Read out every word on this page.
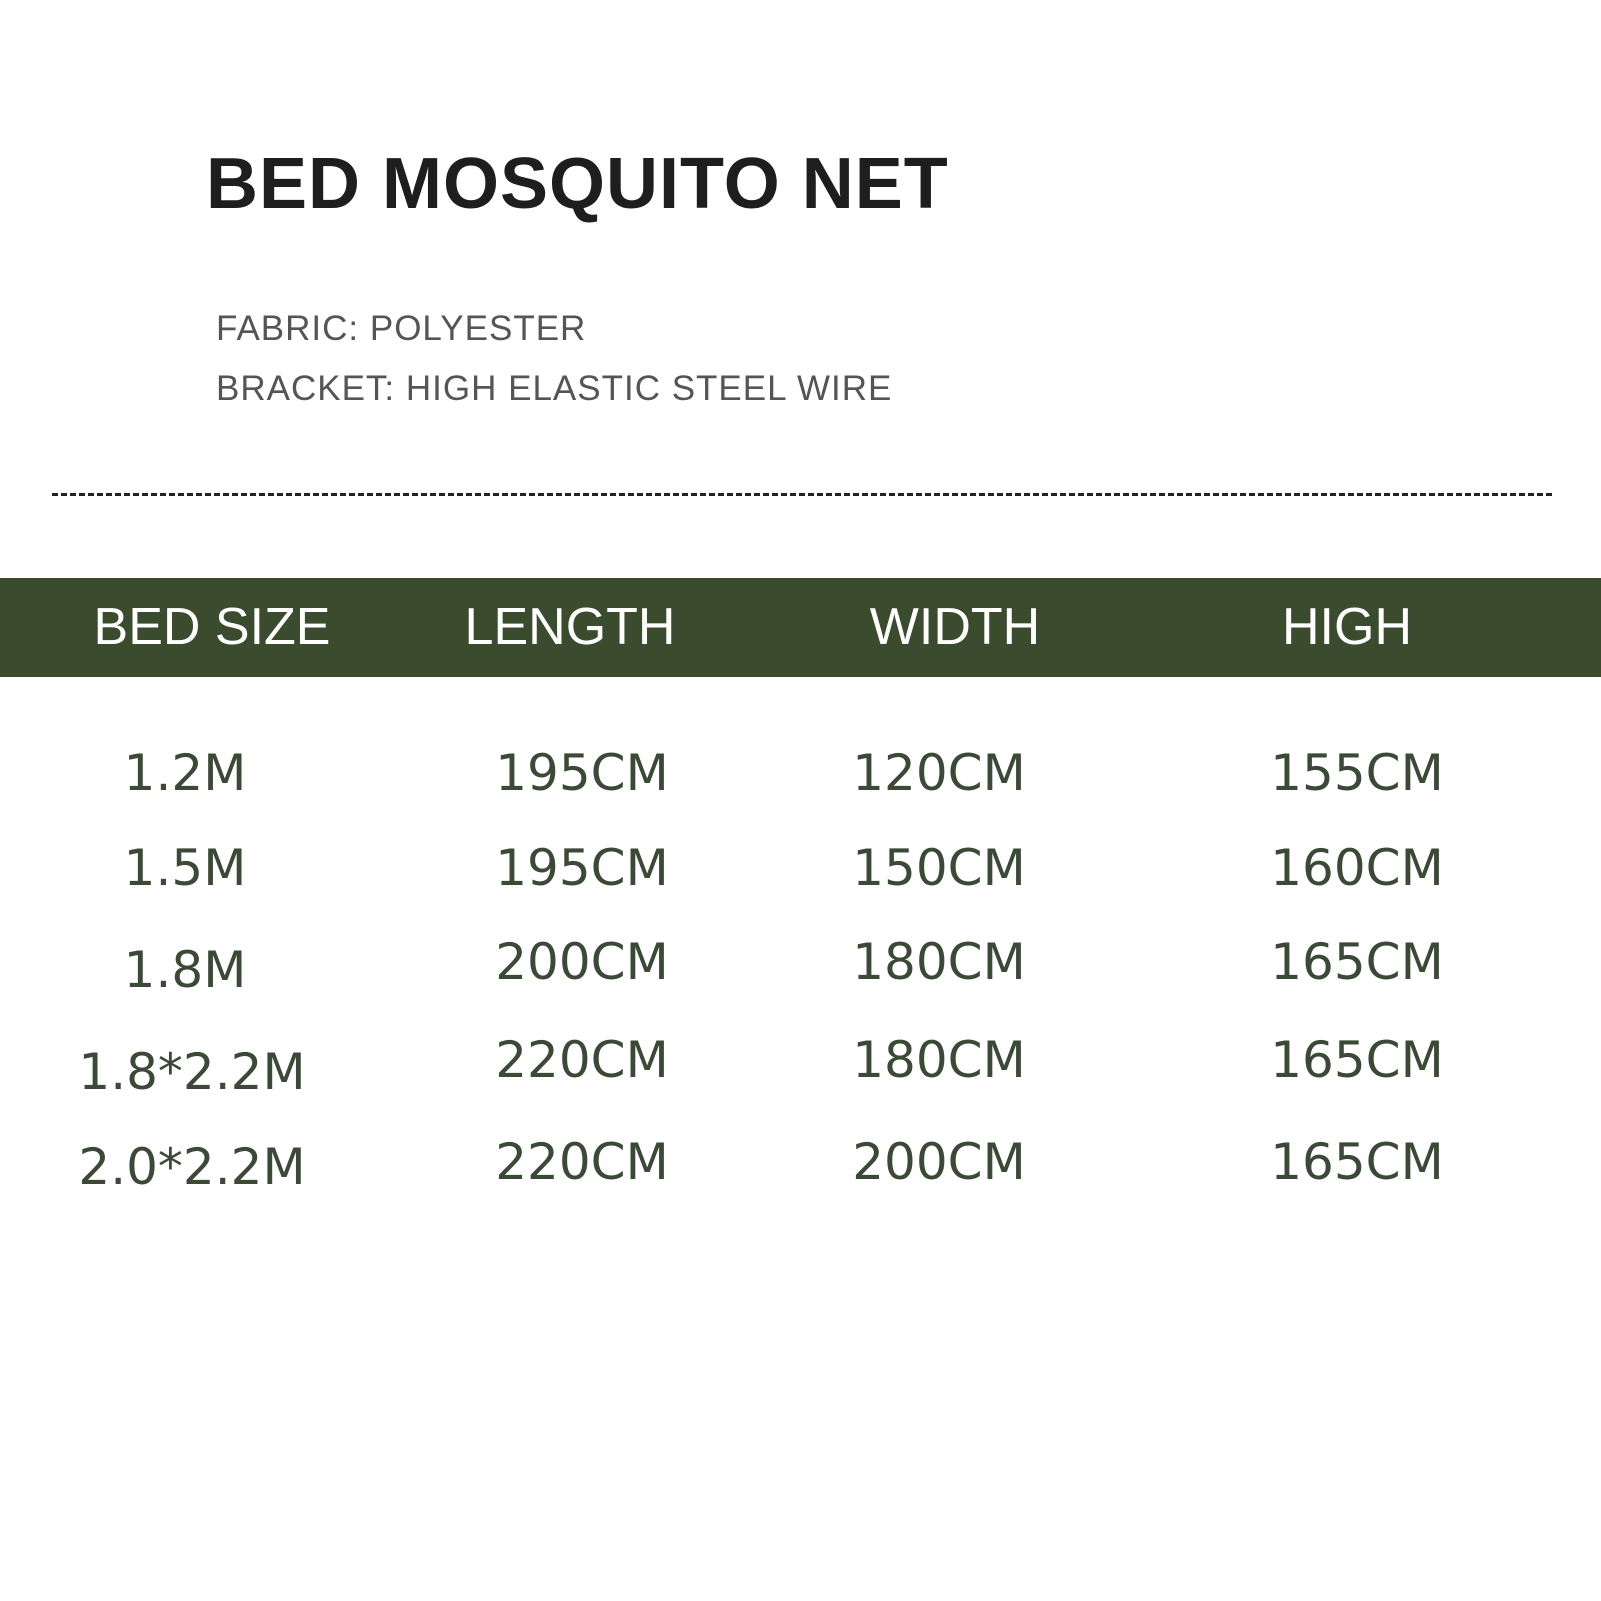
BED MOSQUITO NET
FABRIC: POLYESTER
BRACKET: HIGH ELASTIC STEEL WIRE
BED SIZE	LENGTH	WIDTH	HIGH
1.2M	195CM	120CM	155CM
1.5M	195CM	150CM	160CM
1.8M	200CM	180CM	165CM
1.8*2.2M	220CM	180CM	165CM
2.0*2.2M	220CM	200CM	165CM
